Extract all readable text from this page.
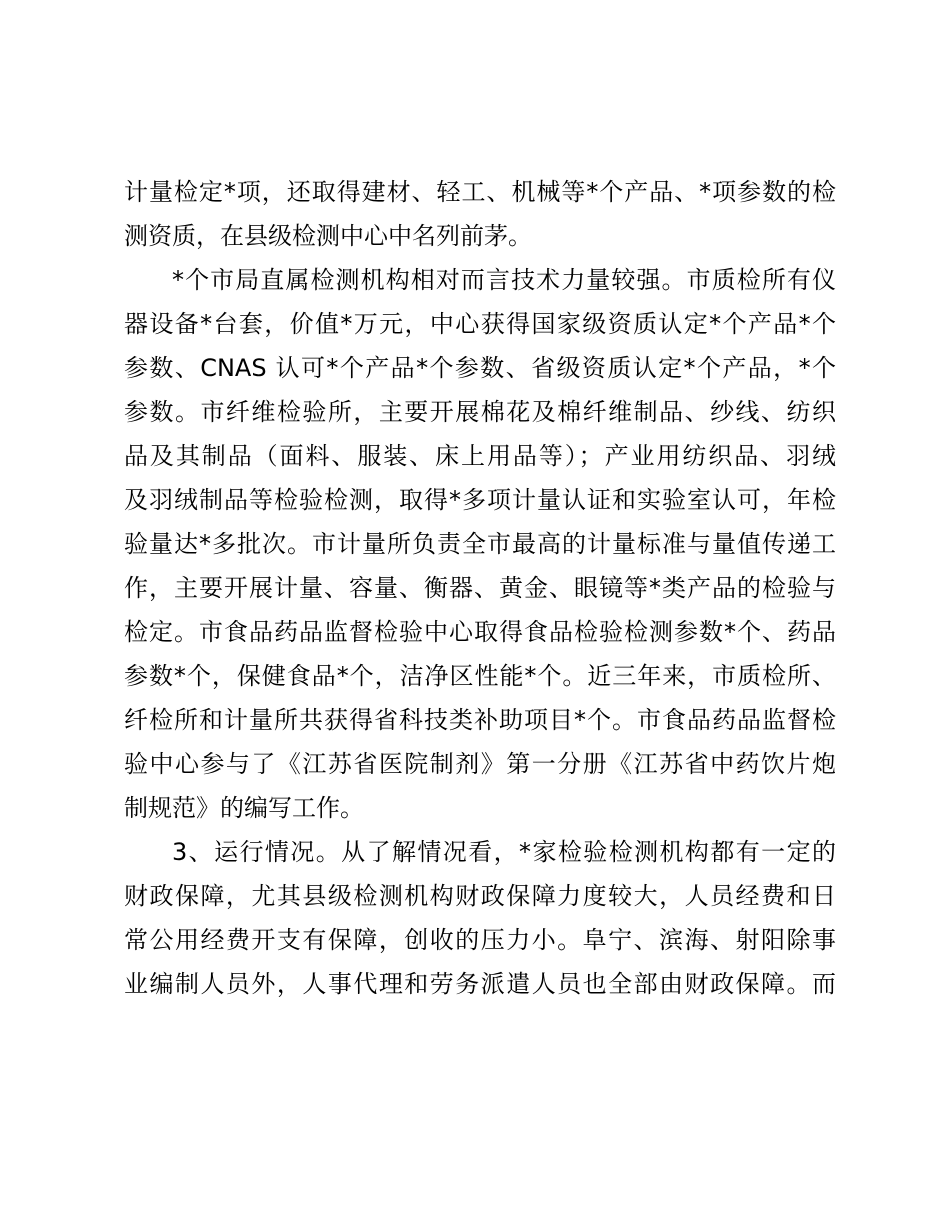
计量检定*项，还取得建材、轻工、机械等*个产品、*项参数的检
测资质，在县级检测中心中名列前茅。
*个市局直属检测机构相对而言技术力量较强。市质检所有仪
器设备*台套，价值*万元，中心获得国家级资质认定*个产品*个
参数、CNAS 认可*个产品*个参数、省级资质认定*个产品，*个
参数。市纤维检验所，主要开展棉花及棉纤维制品、纱线、纺织
品及其制品（面料、服装、床上用品等）；产业用纺织品、羽绒
及羽绒制品等检验检测，取得*多项计量认证和实验室认可，年检
验量达*多批次。市计量所负责全市最高的计量标准与量值传递工
作，主要开展计量、容量、衡器、黄金、眼镜等*类产品的检验与
检定。市食品药品监督检验中心取得食品检验检测参数*个、药品
参数*个，保健食品*个，洁净区性能*个。近三年来，市质检所、
纤检所和计量所共获得省科技类补助项目*个。市食品药品监督检
验中心参与了《江苏省医院制剂》第一分册《江苏省中药饮片炮
制规范》的编写工作。
3、运行情况。从了解情况看，*家检验检测机构都有一定的
财政保障，尤其县级检测机构财政保障力度较大，人员经费和日
常公用经费开支有保障，创收的压力小。阜宁、滨海、射阳除事
业编制人员外，人事代理和劳务派遣人员也全部由财政保障。而
